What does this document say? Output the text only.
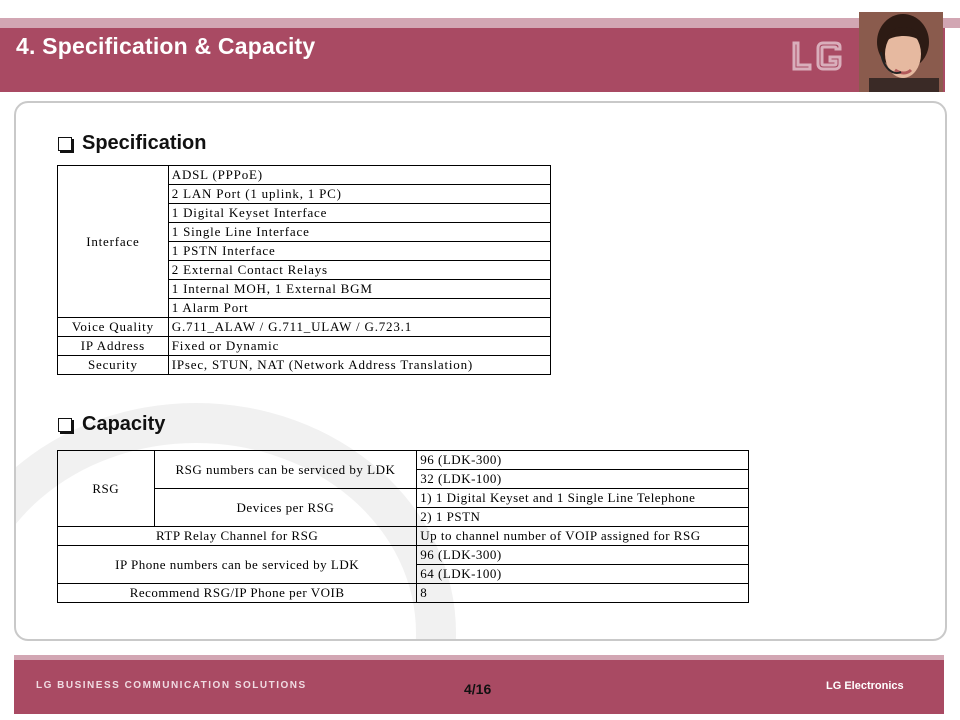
4. Specification & Capacity
Specification
Interface	ADSL (PPPoE)
	2 LAN Port (1 uplink, 1 PC)
	1 Digital Keyset Interface
	1 Single Line Interface
	1 PSTN Interface
	2 External Contact Relays
	1 Internal MOH, 1 External BGM
	1 Alarm Port
Voice Quality	G.711_ALAW / G.711_ULAW / G.723.1
IP Address	Fixed or Dynamic
Security	IPsec, STUN, NAT (Network Address Translation)
Capacity
RSG	RSG numbers can be serviced by LDK	96 (LDK-300)
		32 (LDK-100)
	Devices per RSG	1) 1 Digital Keyset and 1 Single Line Telephone
		2) 1 PSTN
RTP Relay Channel for RSG		Up to channel number of VOIP assigned for RSG
IP Phone numbers can be serviced by LDK		96 (LDK-300)
		64 (LDK-100)
Recommend RSG/IP Phone per VOIB		8
LG BUSINESS COMMUNICATION SOLUTIONS	4/16	LG Electronics
